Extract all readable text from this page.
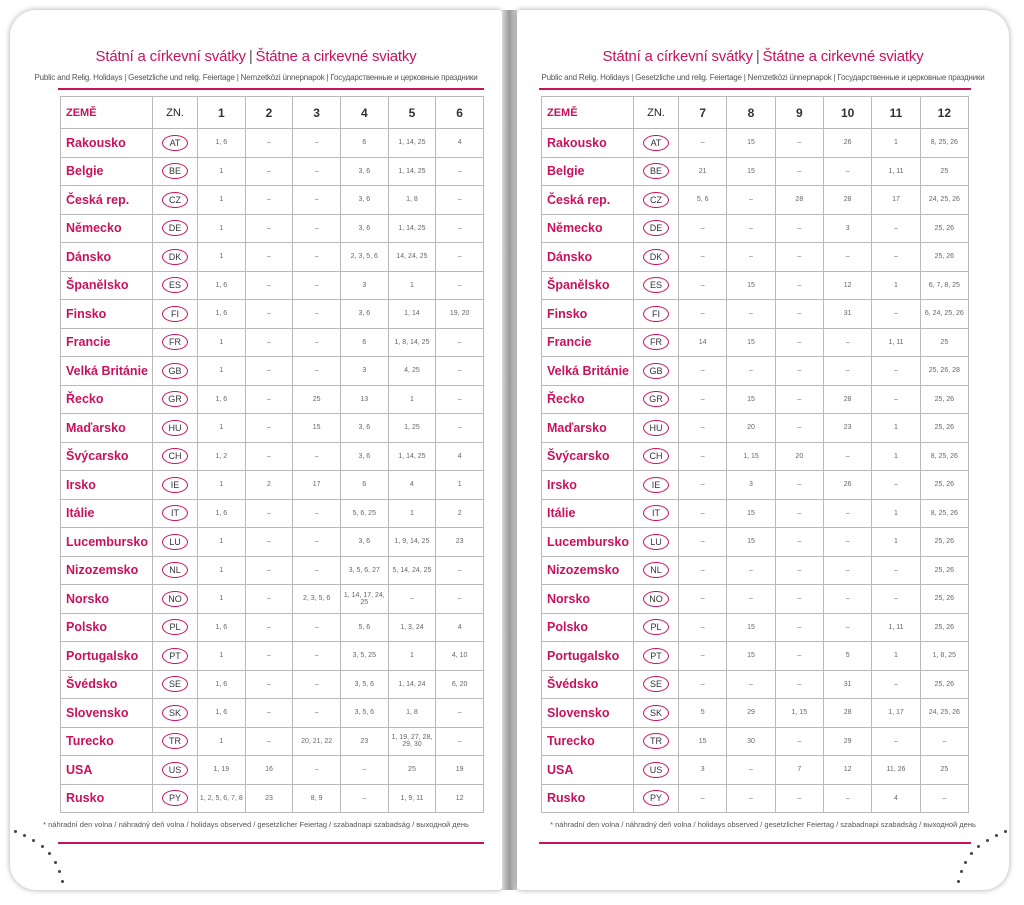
Státní a církevní svátky | Štátne a cirkevné sviatky
Public and Relig. Holidays | Gesetzliche und relig. Feiertage | Nemzetközi ünnepnapok | Государственные и церковные праздники
ZEMĚ	ZN.	1	2	3	4	5	6
Rakousko	AT	1, 6	–	–	6	1, 14, 25	4
Belgie	BE	1	–	–	3, 6	1, 14, 25	–
Česká rep.	CZ	1	–	–	3, 6	1, 8	–
Německo	DE	1	–	–	3, 6	1, 14, 25	–
Dánsko	DK	1	–	–	2, 3, 5, 6	14, 24, 25	–
Španělsko	ES	1, 6	–	–	3	1	–
Finsko	FI	1, 6	–	–	3, 6	1, 14	19, 20
Francie	FR	1	–	–	6	1, 8, 14, 25	–
Velká Británie	GB	1	–	–	3	4, 25	–
Řecko	GR	1, 6	–	25	13	1	–
Maďarsko	HU	1	–	15	3, 6	1, 25	–
Švýcarsko	CH	1, 2	–	–	3, 6	1, 14, 25	4
Irsko	IE	1	2	17	6	4	1
Itálie	IT	1, 6	–	–	5, 6, 25	1	2
Lucembursko	LU	1	–	–	3, 6	1, 9, 14, 25	23
Nizozemsko	NL	1	–	–	3, 5, 6, 27	5, 14, 24, 25	–
Norsko	NO	1	–	2, 3, 5, 6	1, 14, 17, 24, 25	–	–
Polsko	PL	1, 6	–	–	5, 6	1, 3, 24	4
Portugalsko	PT	1	–	–	3, 5, 25	1	4, 10
Švédsko	SE	1, 6	–	–	3, 5, 6	1, 14, 24	6, 20
Slovensko	SK	1, 6	–	–	3, 5, 6	1, 8	–
Turecko	TR	1	–	20, 21, 22	23	1, 19, 27, 28, 29, 30	–
USA	US	1, 19	16	–	–	25	19
Rusko	PY	1, 2, 5, 6, 7, 8	23	8, 9	–	1, 9, 11	12
* náhradní den volna / náhradný deň volna / holidays observed / gesetzlicher Feiertag / szabadnapi szabadság / выходной день
Státní a církevní svátky | Štátne a cirkevné sviatky
Public and Relig. Holidays | Gesetzliche und relig. Feiertage | Nemzetközi ünnepnapok | Государственные и церковные праздники
ZEMĚ	ZN.	7	8	9	10	11	12
Rakousko	AT	–	15	–	26	1	8, 25, 26
Belgie	BE	21	15	–	–	1, 11	25
Česká rep.	CZ	5, 6	–	28	28	17	24, 25, 26
Německo	DE	–	–	–	3	–	25, 26
Dánsko	DK	–	–	–	–	–	25, 26
Španělsko	ES	–	15	–	12	1	6, 7, 8, 25
Finsko	FI	–	–	–	31	–	6, 24, 25, 26
Francie	FR	14	15	–	–	1, 11	25
Velká Británie	GB	–	–	–	–	–	25, 26, 28
Řecko	GR	–	15	–	28	–	25, 26
Maďarsko	HU	–	20	–	23	1	25, 26
Švýcarsko	CH	–	1, 15	20	–	1	8, 25, 26
Irsko	IE	–	3	–	26	–	25, 26
Itálie	IT	–	15	–	–	1	8, 25, 26
Lucembursko	LU	–	15	–	–	1	25, 26
Nizozemsko	NL	–	–	–	–	–	25, 26
Norsko	NO	–	–	–	–	–	25, 26
Polsko	PL	–	15	–	–	1, 11	25, 26
Portugalsko	PT	–	15	–	5	1	1, 8, 25
Švédsko	SE	–	–	–	31	–	25, 26
Slovensko	SK	5	29	1, 15	28	1, 17	24, 25, 26
Turecko	TR	15	30	–	29	–	–
USA	US	3	–	7	12	11, 26	25
Rusko	PY	–	–	–	–	4	–
* náhradní den volna / náhradný deň volna / holidays observed / gesetzlicher Feiertag / szabadnapi szabadság / выходной день
